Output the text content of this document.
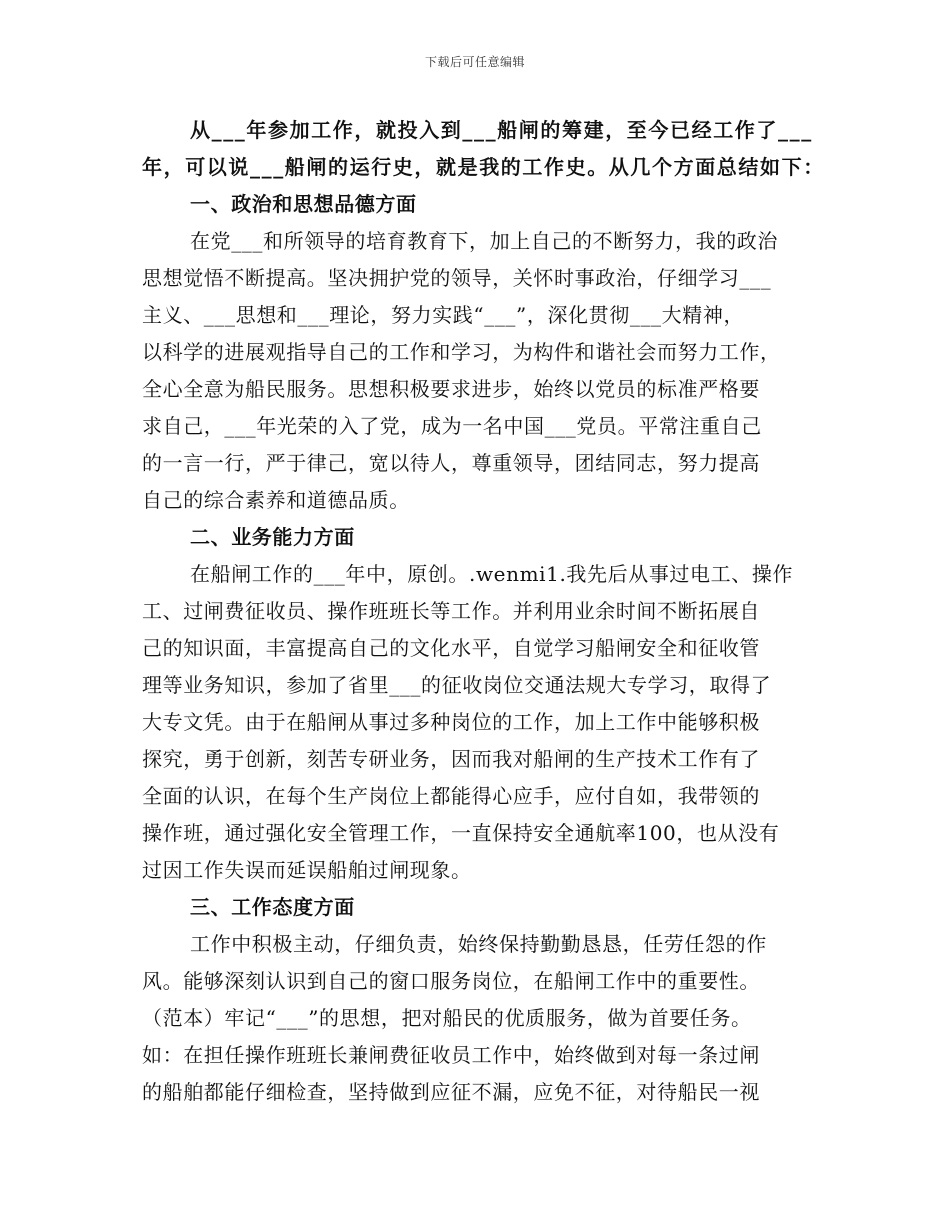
下载后可任意编辑
从___年参加工作，就投入到___船闸的筹建，至今已经工作了___
年，可以说___船闸的运行史，就是我的工作史。从几个方面总结如下：
一、政治和思想品德方面
在党___和所领导的培育教育下，加上自己的不断努力，我的政治
思想觉悟不断提高。坚决拥护党的领导，关怀时事政治，仔细学习___
主义、___思想和___理论，努力实践“___”，深化贯彻___大精神，
以科学的进展观指导自己的工作和学习，为构件和谐社会而努力工作，
全心全意为船民服务。思想积极要求进步，始终以党员的标准严格要
求自己，___年光荣的入了党，成为一名中国___党员。平常注重自己
的一言一行，严于律己，宽以待人，尊重领导，团结同志，努力提高
自己的综合素养和道德品质。
二、业务能力方面
在船闸工作的___年中，原创。.wenmi1.我先后从事过电工、操作
工、过闸费征收员、操作班班长等工作。并利用业余时间不断拓展自
己的知识面，丰富提高自己的文化水平，自觉学习船闸安全和征收管
理等业务知识，参加了省里___的征收岗位交通法规大专学习，取得了
大专文凭。由于在船闸从事过多种岗位的工作，加上工作中能够积极
探究，勇于创新，刻苦专研业务，因而我对船闸的生产技术工作有了
全面的认识，在每个生产岗位上都能得心应手，应付自如，我带领的
操作班，通过强化安全管理工作，一直保持安全通航率100，也从没有
过因工作失误而延误船舶过闸现象。
三、工作态度方面
工作中积极主动，仔细负责，始终保持勤勤恳恳，任劳任怨的作
风。能够深刻认识到自己的窗口服务岗位，在船闸工作中的重要性。
（范本）牢记“___”的思想，把对船民的优质服务，做为首要任务。
如：在担任操作班班长兼闸费征收员工作中，始终做到对每一条过闸
的船舶都能仔细检查，坚持做到应征不漏，应免不征，对待船民一视
